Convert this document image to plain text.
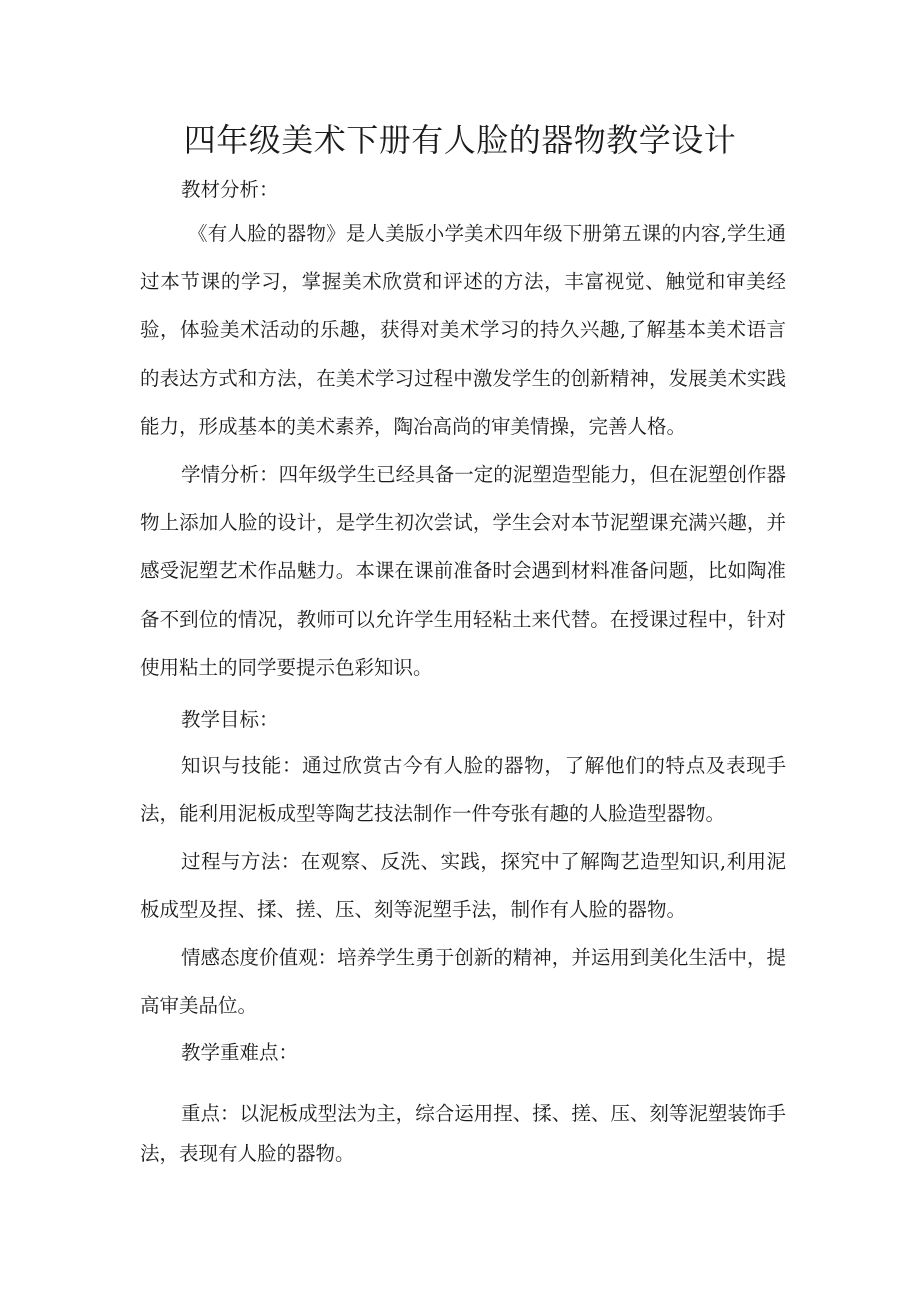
四年级美术下册有人脸的器物教学设计

教材分析：

《有人脸的器物》是人美版小学美术四年级下册第五课的内容,学生通过本节课的学习，掌握美术欣赏和评述的方法，丰富视觉、触觉和审美经验，体验美术活动的乐趣，获得对美术学习的持久兴趣,了解基本美术语言的表达方式和方法，在美术学习过程中激发学生的创新精神，发展美术实践能力，形成基本的美术素养，陶冶高尚的审美情操，完善人格。

学情分析：四年级学生已经具备一定的泥塑造型能力，但在泥塑创作器物上添加人脸的设计，是学生初次尝试，学生会对本节泥塑课充满兴趣，并感受泥塑艺术作品魅力。本课在课前准备时会遇到材料准备问题，比如陶准备不到位的情况，教师可以允许学生用轻粘土来代替。在授课过程中，针对使用粘土的同学要提示色彩知识。

教学目标：

知识与技能：通过欣赏古今有人脸的器物，了解他们的特点及表现手法，能利用泥板成型等陶艺技法制作一件夸张有趣的人脸造型器物。

过程与方法：在观察、反洗、实践，探究中了解陶艺造型知识,利用泥板成型及捏、揉、搓、压、刻等泥塑手法，制作有人脸的器物。

情感态度价值观：培养学生勇于创新的精神，并运用到美化生活中，提高审美品位。

教学重难点：

重点：以泥板成型法为主，综合运用捏、揉、搓、压、刻等泥塑装饰手法，表现有人脸的器物。
